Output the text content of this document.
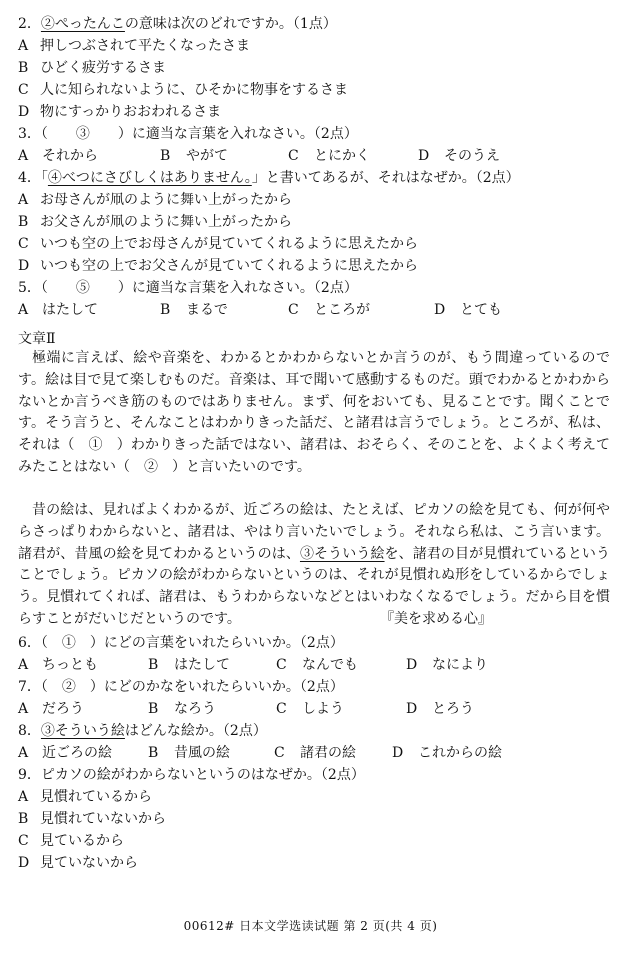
2．②ぺったんこの意味は次のどれですか。（1点）
A 押しつぶされて平たくなったさま
B ひどく疲労するさま
C 人に知られないように、ひそかに物事をするさま
D 物にすっかりおおわれるさま
3．（　　③　　）に適当な言葉を入れなさい。（2点）
A それから	B やがて	C とにかく	D そのうえ
4．「④べつにさびしくはありません。」と書いてあるが、それはなぜか。（2点）
A お母さんが凧のように舞い上がったから
B お父さんが凧のように舞い上がったから
C いつも空の上でお母さんが見ていてくれるように思えたから
D いつも空の上でお父さんが見ていてくれるように思えたから
5．（　　⑤　　）に適当な言葉を入れなさい。（2点）
A はたして	B まるで	C ところが	D とても
文章Ⅱ
極端に言えば、絵や音楽を、わかるとかわからないとか言うのが、もう間違っているのです。絵は目で見て楽しむものだ。音楽は、耳で聞いて感動するものだ。頭でわかるとかわからないとか言うべき筋のものではありません。まず、何をおいても、見ることです。聞くことです。そう言うと、そんなことはわかりきった話だ、と諸君は言うでしょう。ところが、私は、それは（　①　）わかりきった話ではない、諸君は、おそらく、そのことを、よくよく考えてみたことはない（　②　）と言いたいのです。
昔の絵は、見ればよくわかるが、近ごろの絵は、たとえば、ピカソの絵を見ても、何が何やらさっぱりわからないと、諸君は、やはり言いたいでしょう。それなら私は、こう言います。諸君が、昔風の絵を見てわかるというのは、③そういう絵を、諸君の目が見慣れているということでしょう。ピカソの絵がわからないというのは、それが見慣れぬ形をしているからでしょう。見慣れてくれば、諸君は、もうわからないなどとはいわなくなるでしょう。だから目を慣らすことがだいじだというのです。	『美を求める心』
6．（　①　）にどの言葉をいれたらいいか。（2点）
A ちっとも	B はたして	C なんでも	D なにより
7．（　②　）にどのかなをいれたらいいか。（2点）
A だろう	B なろう	C しよう	D とろう
8．③そういう絵はどんな絵か。（2点）
A 近ごろの絵	B 昔風の絵	C 諸君の絵	D これからの絵
9．ピカソの絵がわからないというのはなぜか。（2点）
A 見慣れているから
B 見慣れていないから
C 見ているから
D 見ていないから
00612# 日本文学选读试题 第 2 页(共 4 页)
